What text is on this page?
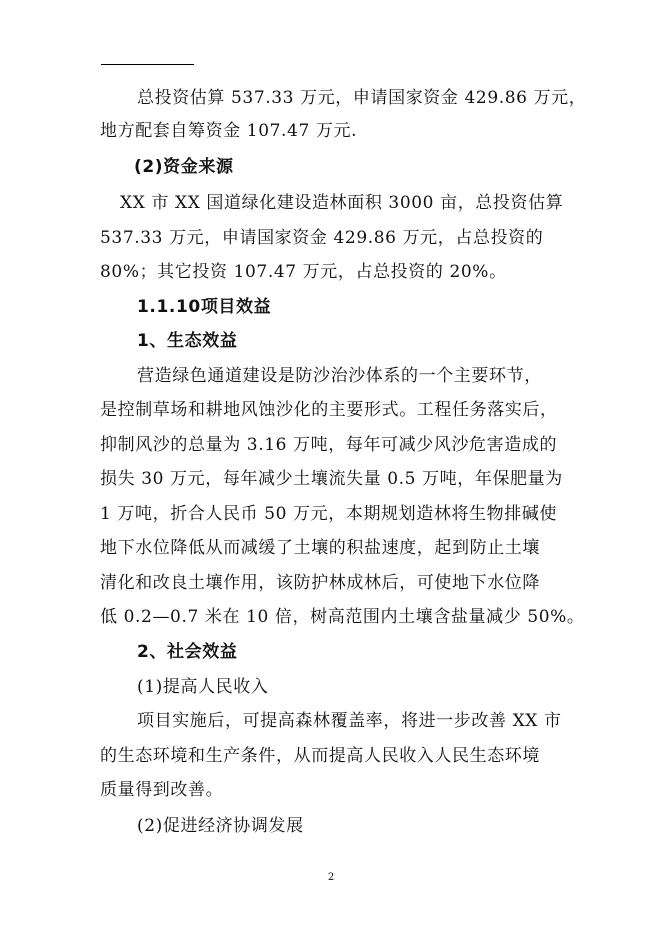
总投资估算 537.33 万元，申请国家资金 429.86 万元，
地方配套自筹资金 107.47 万元.
(2)资金来源
XX 市 XX 国道绿化建设造林面积 3000 亩，总投资估算
537.33 万元，申请国家资金 429.86 万元，占总投资的
80%；其它投资 107.47 万元，占总投资的 20%。
1.1.10项目效益
1、生态效益
营造绿色通道建设是防沙治沙体系的一个主要环节，
是控制草场和耕地风蚀沙化的主要形式。工程任务落实后，
抑制风沙的总量为 3.16 万吨，每年可减少风沙危害造成的
损失 30 万元，每年减少土壤流失量 0.5 万吨，年保肥量为
1 万吨，折合人民币 50 万元，本期规划造林将生物排碱使
地下水位降低从而减缓了土壤的积盐速度，起到防止土壤
清化和改良土壤作用，该防护林成林后，可使地下水位降
低 0.2—0.7 米在 10 倍，树高范围内土壤含盐量减少 50%。
2、社会效益
(1)提高人民收入
项目实施后，可提高森林覆盖率，将进一步改善 XX 市
的生态环境和生产条件，从而提高人民收入人民生态环境
质量得到改善。
(2)促进经济协调发展
2
